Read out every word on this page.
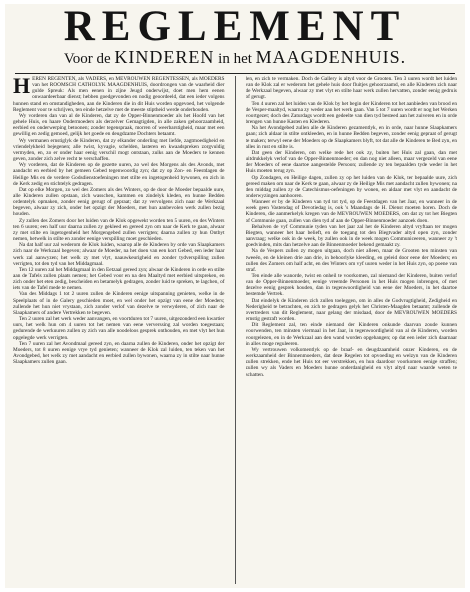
REGLEMENT
Voor de KINDEREN in het MAAGDENHUIS.

HEREN REGENTEN, als VADERS, en MEVROUWEN REGENTESSEN, als MOEDERS van het ROOMSCH CATHOLYK MAAGDENHUIS, doordrongen van de waarheid dier gulde Spreuk: Als men eenen in zijne Jeugd onderwijst, doet men hem eenen onwaardeerbaar dienst; hebben goedgevonden en nodig geoordeeld, dat een ieder volgens hunnen stand en omstandigheden, aan de Kinderen die in dit Huis worden opgevoed, het volgende Reglement voor te schrijven, ten einde hetzelve met de meeste stiptheid werde onderhouden.

Wy vorderen dan van al de Kinderen, dat zy de Opper-Binnenmoeder als het Hoofd van het gehele Huis, en haare Ondermoeders als derzelver Gemagtigden, in alle zaken gehoorzaamheid, eerbied en onderwerping betoonen; zonder tegenspraak, morren of weerbarstigheid, maar met een gewillig en zedig gemoed, gelijk het goede en deugdzame Dochters betaamt.

Wy vermanen ernstiglyk de Kinderen, dat zy elkander onderling met liefde, zagtmoedigheid en vriendelykheid bejegenen; alle twist, kyvagie, schelden, lasteren en kwaadspreken zorgvuldig vermyden, en, zo er onder haar eenig verschil mogt ontstaan, zulks aan de Moeders te kennen geven, zonder zich zelve recht te verschaffen.

Wy vorderen, dat de Kinderen op de gezette uuren, zo wel des Morgens als des Avonds, met aandacht en eerbied by het gemeen Gebed tegenwoordig zyn; dat zy op Zon- en Feestdagen de Heilige Mis en de verdere Godsdienstoefeningen met stilte en ingetogenheid bywonen, en zich in de Kerk zedig en stichtelyk gedragen.

Dat op elke Morgen, zo wel des Zomers als des Winters, op de door de Moeder bepaalde uure, alle Kinderen zullen opstaan, zich wasschen, kammen en zindelyk kleden, en hunne Bedden ordentelyk opmaken, zonder eenig gerugt of gepraat; dat zy vervolgens zich naar de Werkzaal begeven, alwaar zy zich, onder het opzigt der Moeders, met hun aanbevolen werk zullen bezig houden.

Zy zullen des Zomers door het luiden van de Klok opgewekt worden ten 5 uuren, en des Winters ten 6 uuren; een half uur daarna zullen zy gekleed en gereed zyn om naar de Kerk te gaan, alwaar zy met stilte en ingetogenheid het Morgengebed zullen verrigten; daarna zullen zy hun Ontbyt nemen, hetwelk in stilte en zonder eenige verspilling moet geschieden.

Na dat half uur zal wederom de Klok luiden, waarop alle de Kinderen by orde van Slaapkamers zich naar de Werkzaal begeven; alwaar de Moeder, na het doen van een kort Gebed, een ieder haar werk zal aanwyzen; het welk zy met vlyt, naauwkeurigheid en zonder tydverspilling zullen verrigten, tot den tyd van het Middagmaal.

Ten 12 uuren zal het Middagmaal in den Eetzaal gereed zyn; alwaar de Kinderen in orde en stilte aan de Tafels zullen plaats nemen; het Gebed voor en na den Maaltyd met eerbied uitspreken, en zich onder het eten zedig, bescheiden en betamelyk gedragen, zonder luid te spreken, te lagchen, of iets van de Tafel mede te nemen.

Van des Middags 1 tot 2 uuren zullen de Kinderen eenige uitspanning genieten, welke in de Speelplaats of in de Galery geschieden moet, en wel onder het opzigt van eene der Moeders; zullende het hun niet vrystaan, zich zonder verlof van dezelve te verwyderen, of zich naar de Slaapkamers of andere Vertrekken te begeven.

Ten 2 uuren zal het werk weder aanvangen, en voortduren tot 7 uuren, uitgezonderd een kwartier uurs, het welk hun om 4 uuren tot het nemen van eene ververssing zal worden toegestaan; gedurende de werkuuren zullen zy zich van alle noodeloos gesprek onthouden, en met vlyt het hun opgelegde werk verrigten.

Ten 7 uuren zal het Avondmaal gereed zyn, en daarna zullen de Kinderen, onder het opzigt der Moeders, tot 8 uuren eenige vrye tyd genieten; wanneer de Klok zal luiden, ten teken van het Avondgebed, het welk zy met aandacht en eerbied zullen bywonen, waarna zy in stilte naar hunne Slaapkamers zullen gaan.

len, en zich te vermaken. Doch de Gallery is altyd voor de Grooten. Ten 3 uuren wordt het luiden van de Klok zal er wederom het gehele huis door fluitjes gehoorzaamd, en alle Kinderen zich naar de Werkzaal begeven, alwaar zy met vlyt en stilte haar werk zullen hervatten, zonder eenig gedruis of gerugt.

Ten 4 uuren zal het luiden van de Klok by het begin der Kinderen tot het aanbieden van brood en de Vesper-maaltyd, waarna zy weder aan het werk gaan. Van 5 tot 7 uuren wordt er nog het Werken voortgezet; doch des Zaturdags wordt een gedeelte van dien tyd besteed aan het zuiveren en in orde brengen van hunne Kasten en Klederen.

Na het Avondgebed zullen alle de Kinderen gezamentlyk, en in orde, naar hunne Slaapkamers gaan; zich aldaar in stilte ontkleeden, en in hunne Bedden begeven, zonder eenig gepraat of gerugt te maken; terwyl eene der Moeders op de Slaapkamers blyft, tot dat alle de Kinderen te Bed zyn, en alles in rust en stilte is.

Dat geen der Kinderen, om welke rede het ook zy, buiten het Huis zal gaan, dan met uitdrukkelyk verlof van de Opper-Binnenmoeder; en dan nog niet alleen, maar vergezeld van eene der Moeders of eene daartoe aangestelde Persoon; zullende zy ten bepaalden tyde weder in het Huis moeten terug zyn.

Op Zondagen, en Heilige dagen, zullen zy op het luiden van de Klok, ter bepaalde uure, zich gereed maken om naar de Kerk te gaan, alwaar zy de Heilige Mis met aandacht zullen bywonen; na den middag zullen zy de Catechismus-oefeningen by wonen, en aldaar met vlyt en aandacht de onderwyzingen aanhooren.

Wanneer er by de Kinderen van tyd tot tyd, op de Feestdagen van het Jaar, en wanneer in de week geen Vastendag of Devotiedag is, ook 's Maandags de H. Dienst moeten horen. Doch de Kinderen, die aanmerkelyk kregen van de MEVROUWEN MOEDERS, om dat zy tot het Biegten of Communie gaan, zullen van dien tyd af aan de Opper-Binnenmoeder aanzoek doen.

Behalven de vyf Communie tyden van het jaar zal het de Kinderen altyd vryftaan ter mogen Biegten, wanneer het haar belieft, en de toegang tot den Biegtvader altyd open zyn, zonder aanvraag; welke ook in de week, by zullen ook in de week mogen Communiceeren, wanneer zy 't goedvinden, mits dan hetzelve aan de Binnenmoeder bekend gemaakt zy.

Na de Vespers zullen zy mogen uitgaan, doch niet alleen, maar de Grooten ten minsten van tweeën, en de kleinen drie aan drie, in behoorlyke kleeding, en geleid door eene der Moeders; en zullen des Zomers om half acht, en des Winters om vyf uuren weder in het Huis zyn, op poene van straf.

Ten einde alle wanorde, twist en onheil te voorkomen, zal niemand der Kinderen, buiten verlof van de Opper-Binnenmoeder, eenige vreemde Personen in het Huis mogen inbrengen, of met dezelve eenig gesprek houden, dan in tegenwoordigheid van eene der Moeders, in het daartoe bestemde Vertrek.

Dat eindelyk de Kinderen zich zullen toeleggen, om in alles de Godvrugtigheid, Zedigheid en Nederigheid te betrachten, en zich te gedragen gelyk het Christen-Maagden betaamt; zullende de overtreders van dit Reglement, naar gelang der misdaad, door de MEVROUWEN MOEDERS ernstig gestraft worden.

Dit Reglement zal, ten einde niemand der Kinderen onkunde daarvan zoude kunnen voorwenden, ten minsten viermaal in het Jaar, in tegenwoordigheid van al de Kinderen, worden voorgelezen, en in de Werkzaal aan den wand worden opgehangen; op dat een ieder zich daarnaar in alles moge reguleeren.

Wy vertrouwen volkomentlyk op de braaf- en deugdzaamheid onzer Kinderen, en de werkzaamheid der Binnenmoeders, dat deze Regelen tot opvoeding en welzyn van de Kinderen zullen strekken, ende het Huis tot eer verstrekken, en hun daardoor voorkomen eenige straffen; zullen wy als Vaders en Moeders hunne onderdanigheid en vlyt altyd naar waarde weten te schatten.
